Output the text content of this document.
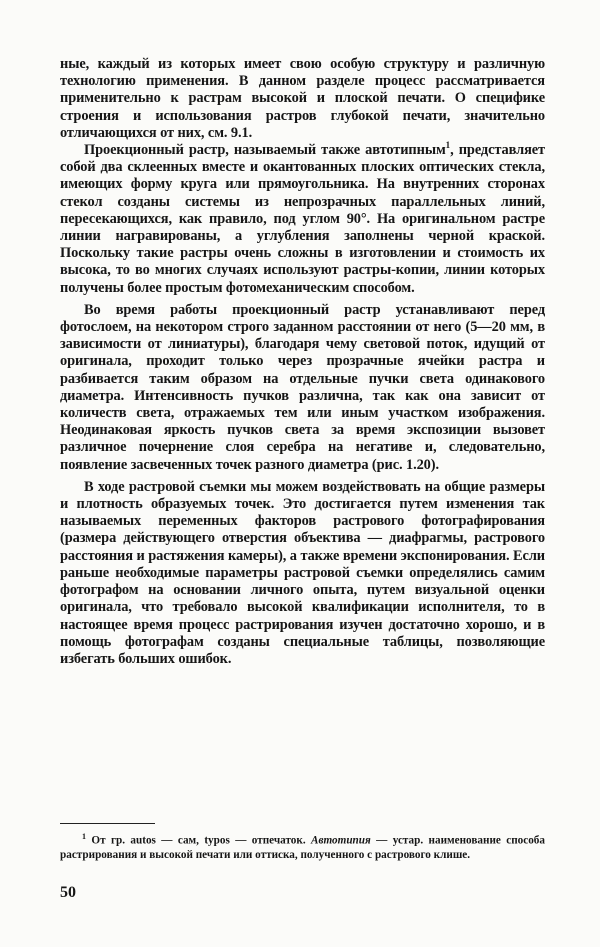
ные, каждый из которых имеет свою особую структуру и различную технологию применения. В данном разделе процесс рассматривается применительно к растрам высокой и плоской печати. О специфике строения и использования растров глубокой печати, значительно отличающихся от них, см. 9.1.

Проекционный растр, называемый также автотипным$^1$, представляет собой два склеенных вместе и окантованных плоских оптических стекла, имеющих форму круга или прямоугольника. На внутренних сторонах стекол созданы системы из непрозрачных параллельных линий, пересекающихся, как правило, под углом 90°. На оригинальном растре линии награвированы, а углубления заполнены черной краской. Поскольку такие растры очень сложны в изготовлении и стоимость их высока, то во многих случаях используют растры-копии, линии которых получены более простым фотомеханическим способом.

Во время работы проекционный растр устанавливают перед фотослоем, на некотором строго заданном расстоянии от него (5—20 мм, в зависимости от линиатуры), благодаря чему световой поток, идущий от оригинала, проходит только через прозрачные ячейки растра и разбивается таким образом на отдельные пучки света одинакового диаметра. Интенсивность пучков различна, так как она зависит от количеств света, отражаемых тем или иным участком изображения. Неодинаковая яркость пучков света за время экспозиции вызовет различное почернение слоя серебра на негативе и, следовательно, появление засвеченных точек разного диаметра (рис. 1.20).

В ходе растровой съемки мы можем воздействовать на общие размеры и плотность образуемых точек. Это достигается путем изменения так называемых переменных факторов растрового фотографирования (размера действующего отверстия объектива — диафрагмы, растрового расстояния и растяжения камеры), а также времени экспонирования. Если раньше необходимые параметры растровой съемки определялись самим фотографом на основании личного опыта, путем визуальной оценки оригинала, что требовало высокой квалификации исполнителя, то в настоящее время процесс растрирования изучен достаточно хорошо, и в помощь фотографам созданы специальные таблицы, позволяющие избегать больших ошибок.

$^1$ От гр. autos — сам, typos — отпечаток. Автотипия — устар. наименование способа растрирования и высокой печати или оттиска, полученного с растрового клише.
50
